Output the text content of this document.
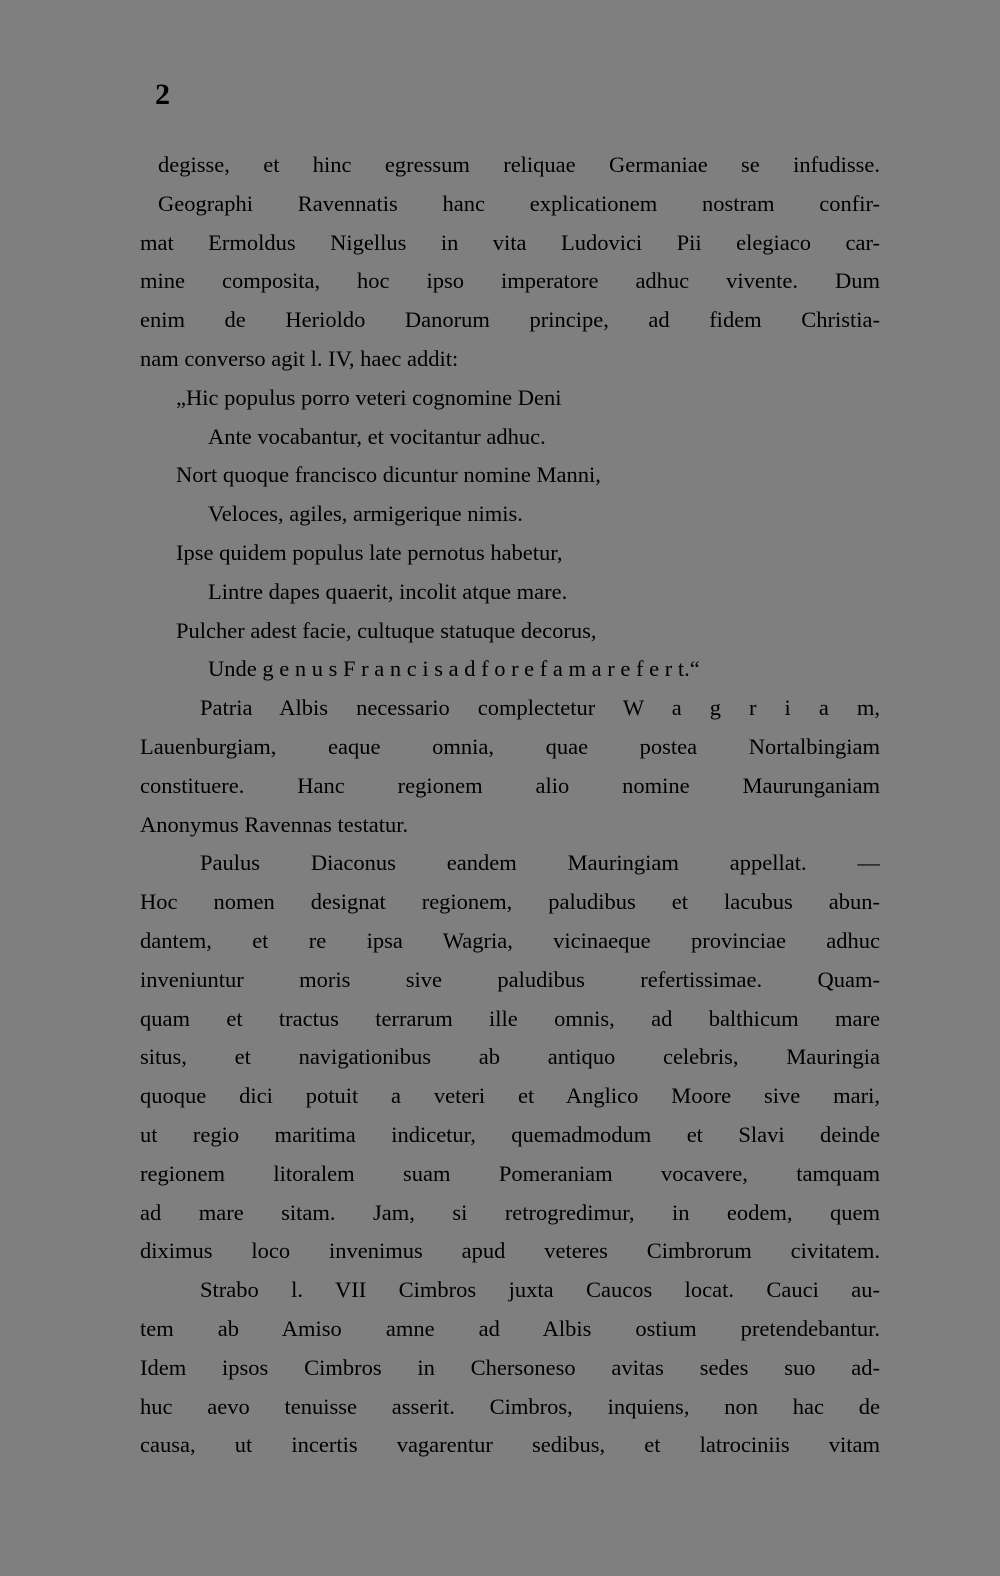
2
degisse, et hinc egressum reliquae Germaniae se infudisse.
Geographi Ravennatis hanc explicationem nostram confir-
mat Ermoldus Nigellus in vita Ludovici Pii elegiaco car-
mine composita, hoc ipso imperatore adhuc vivente. Dum
enim de Herioldo Danorum principe, ad fidem Christia-
nam converso agit l. IV, haec addit:
„Hic populus porro veteri cognomine Deni
Ante vocabantur, et vocitantur adhuc.
Nort quoque francisco dicuntur nomine Manni,
Veloces, agiles, armigerique nimis.
Ipse quidem populus late pernotus habetur,
Lintre dapes quaerit, incolit atque mare.
Pulcher adest facie, cultuque statuque decorus,
Unde g e n u s F r a n c i s a d f o r e f a m a r e f e r t.“
Patria Albis necessario complectetur W a g r i a m,
Lauenburgiam, eaque omnia, quae postea Nortalbingiam
constituere. Hanc regionem alio nomine Maurunganiam
Anonymus Ravennas testatur.
Paulus Diaconus eandem Mauringiam appellat. —
Hoc nomen designat regionem, paludibus et lacubus abun-
dantem, et re ipsa Wagria, vicinaeque provinciae adhuc
inveniuntur moris sive paludibus refertissimae. Quam-
quam et tractus terrarum ille omnis, ad balthicum mare
situs, et navigationibus ab antiquo celebris, Mauringia
quoque dici potuit a veteri et Anglico Moore sive mari,
ut regio maritima indicetur, quemadmodum et Slavi deinde
regionem litoralem suam Pomeraniam vocavere, tamquam
ad mare sitam. Jam, si retrogredimur, in eodem, quem
diximus loco invenimus apud veteres Cimbrorum civitatem.
Strabo l. VII Cimbros juxta Caucos locat. Cauci au-
tem ab Amiso amne ad Albis ostium pretendebantur.
Idem ipsos Cimbros in Chersoneso avitas sedes suo ad-
huc aevo tenuisse asserit. Cimbros, inquiens, non hac de
causa, ut incertis vagarentur sedibus, et latrociniis vitam
